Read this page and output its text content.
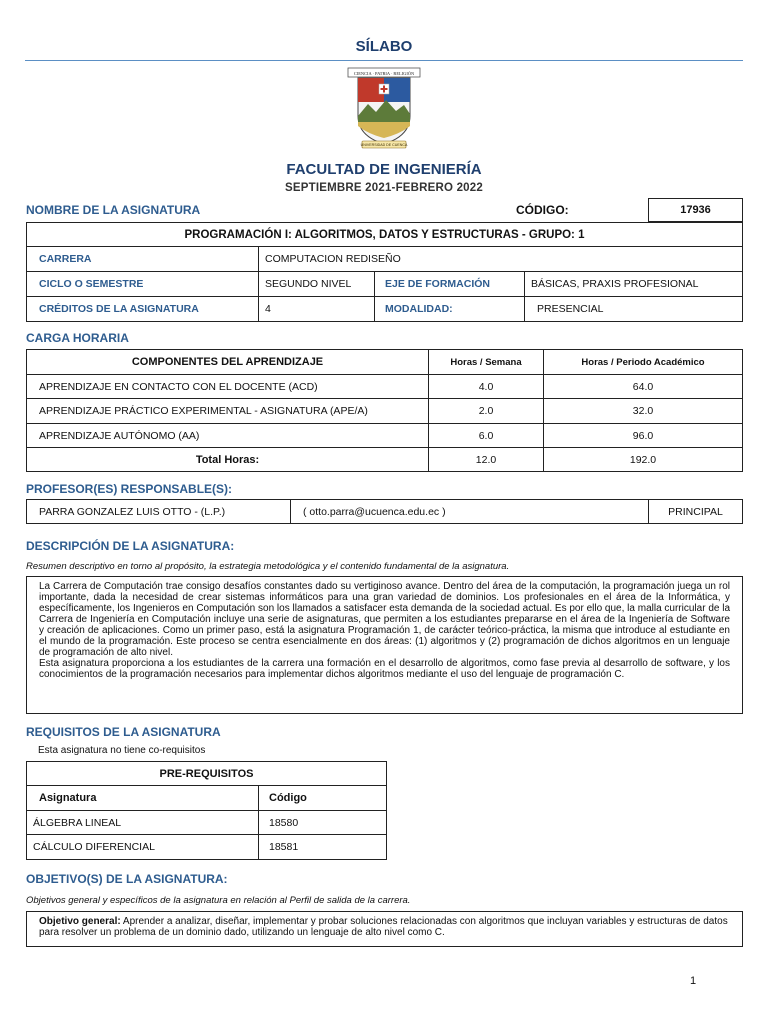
SÍLABO
CIENCIA · PATRIA · RELIGIÓN
UNIVERSIDAD DE CUENCA
FACULTAD DE INGENIERÍA
SEPTIEMBRE 2021-FEBRERO 2022
NOMBRE DE LA ASIGNATURA	CÓDIGO:	17936
PROGRAMACIÓN I: ALGORITMOS, DATOS Y ESTRUCTURAS - GRUPO: 1			
CARRERA	COMPUTACION REDISEÑO		
CICLO O SEMESTRE	SEGUNDO NIVEL	EJE DE FORMACIÓN	BÁSICAS, PRAXIS PROFESIONAL
CRÉDITOS DE LA ASIGNATURA	4	MODALIDAD:	PRESENCIAL
CARGA HORARIA
COMPONENTES DEL APRENDIZAJE	Horas / Semana	Horas / Periodo Académico
APRENDIZAJE EN CONTACTO CON EL DOCENTE (ACD)	4.0	64.0
APRENDIZAJE PRÁCTICO EXPERIMENTAL - ASIGNATURA (APE/A)	2.0	32.0
APRENDIZAJE AUTÓNOMO (AA)	6.0	96.0
Total Horas:	12.0	192.0
PROFESOR(ES) RESPONSABLE(S):
PARRA GONZALEZ LUIS OTTO - (L.P.)	( otto.parra@ucuenca.edu.ec )	PRINCIPAL
DESCRIPCIÓN DE LA ASIGNATURA:
Resumen descriptivo en torno al propósito, la estrategia metodológica y el contenido fundamental de la asignatura.
La Carrera de Computación trae consigo desafíos constantes dado su vertiginoso avance. Dentro del área de la computación, la programación juega un rol importante, dada la necesidad de crear sistemas informáticos para una gran variedad de dominios. Los profesionales en el área de la Informática, y específicamente, los Ingenieros en Computación son los llamados a satisfacer esta demanda de la sociedad actual. Es por ello que, la malla curricular de la Carrera de Ingeniería en Computación incluye una serie de asignaturas, que permiten a los estudiantes prepararse en el área de la Ingeniería de Software y creación de aplicaciones. Como un primer paso, está la asignatura Programación 1, de carácter teórico-práctica, la misma que introduce al estudiante en el mundo de la programación. Este proceso se centra esencialmente en dos áreas: (1) algoritmos y (2) programación de dichos algoritmos en un lenguaje de programación de alto nivel.
Esta asignatura proporciona a los estudiantes de la carrera una formación en el desarrollo de algoritmos, como fase previa al desarrollo de software, y los conocimientos de la programación necesarios para implementar dichos algoritmos mediante el uso del lenguaje de programación C.
REQUISITOS DE LA ASIGNATURA
Esta asignatura no tiene co-requisitos
PRE-REQUISITOS	
Asignatura	Código
ÁLGEBRA LINEAL	18580
CÁLCULO DIFERENCIAL	18581
OBJETIVO(S) DE LA ASIGNATURA:
Objetivos general y específicos de la asignatura en relación al Perfil de salida de la carrera.
Objetivo general: Aprender a analizar, diseñar, implementar y probar soluciones relacionadas con algoritmos que incluyan variables y estructuras de datos para resolver un problema de un dominio dado, utilizando un lenguaje de alto nivel como C.
1
